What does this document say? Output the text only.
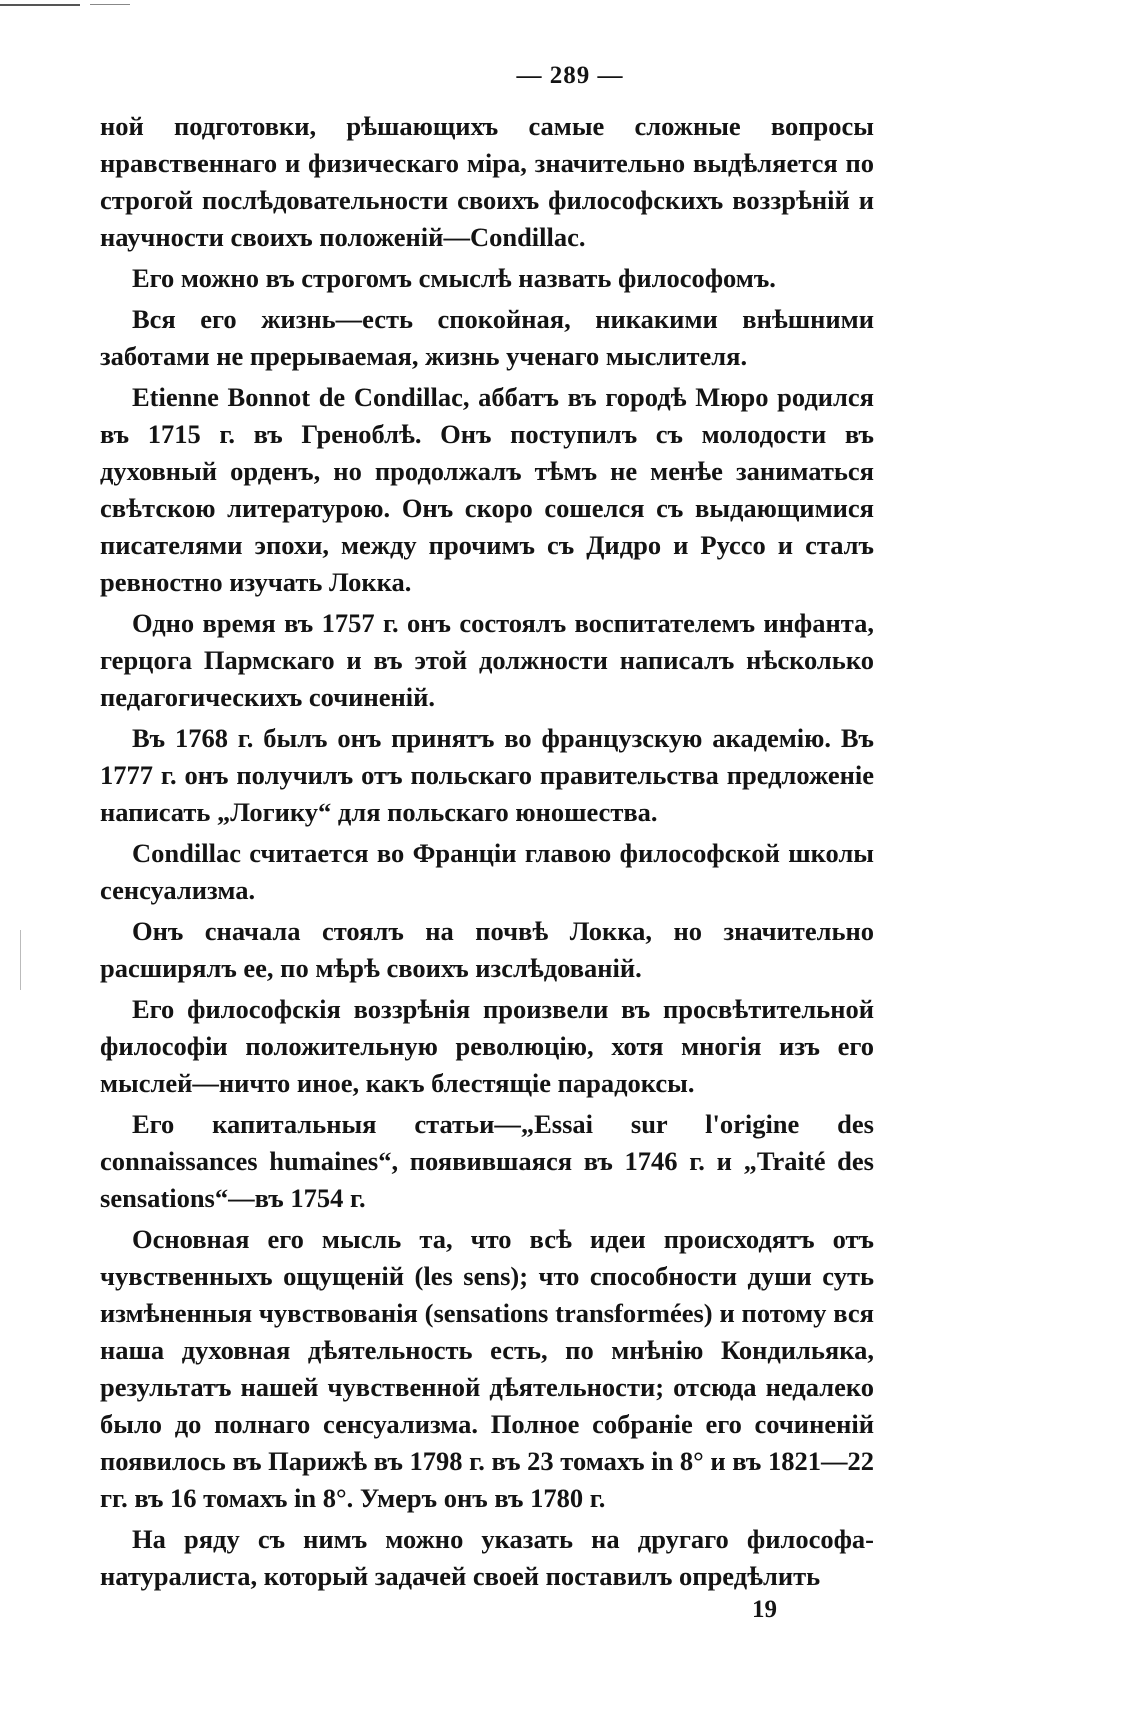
— 289 —

ной подготовки, рѣшающихъ самые сложные вопросы нравственнаго и физическаго міра, значительно выдѣляется по строгой послѣдовательности своихъ философскихъ воззрѣній и научности своихъ положеній—Condillac.

Его можно въ строгомъ смыслѣ назвать философомъ.

Вся его жизнь—есть спокойная, никакими внѣшними заботами не прерываемая, жизнь ученаго мыслителя.

Etienne Bonnot de Condillac, аббатъ въ городѣ Мюро родился въ 1715 г. въ Греноблѣ. Онъ поступилъ съ молодости въ духовный орденъ, но продолжалъ тѣмъ не менѣе заниматься свѣтскою литературою. Онъ скоро сошелся съ выдающимися писателями эпохи, между прочимъ съ Дидро и Руссо и сталъ ревностно изучать Локка.

Одно время въ 1757 г. онъ состоялъ воспитателемъ инфанта, герцога Пармскаго и въ этой должности написалъ нѣсколько педагогическихъ сочиненій.

Въ 1768 г. былъ онъ принятъ во французскую академію. Въ 1777 г. онъ получилъ отъ польскаго правительства предложеніе написать „Логику“ для польскаго юношества.

Condillac считается во Франціи главою философской школы сенсуализма.

Онъ сначала стоялъ на почвѣ Локка, но значительно расширялъ ее, по мѣрѣ своихъ изслѣдованій.

Его философскія воззрѣнія произвели въ просвѣтительной философіи положительную революцію, хотя многія изъ его мыслей—ничто иное, какъ блестящіе парадоксы.

Его капитальныя статьи—„Essai sur l'origine des connaissances humaines“, появившаяся въ 1746 г. и „Traité des sensations“—въ 1754 г.

Основная его мысль та, что всѣ идеи происходятъ отъ чувственныхъ ощущеній (les sens); что способности души суть измѣненныя чувствованія (sensations transformées) и потому вся наша духовная дѣятельность есть, по мнѣнію Кондильяка, результатъ нашей чувственной дѣятельности; отсюда недалеко было до полнаго сенсуализма. Полное собраніе его сочиненій появилось въ Парижѣ въ 1798 г. въ 23 томахъ in 8° и въ 1821—22 гг. въ 16 томахъ in 8°. Умеръ онъ въ 1780 г.

На ряду съ нимъ можно указать на другаго философа-натуралиста, который задачей своей поставилъ опредѣлить

19
